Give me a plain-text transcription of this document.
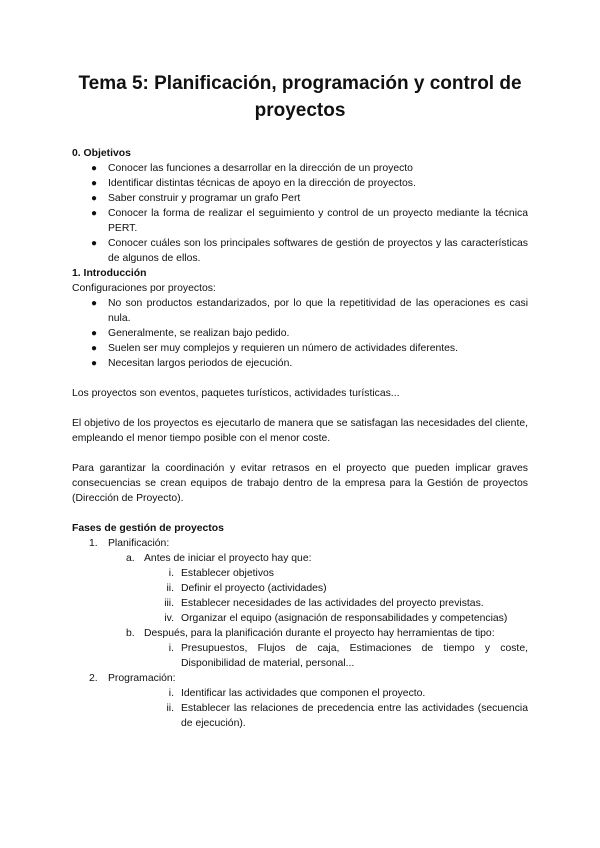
Tema 5: Planificación, programación y control de proyectos
0. Objetivos
● Conocer las funciones a desarrollar en la dirección de un proyecto
● Identificar distintas técnicas de apoyo en la dirección de proyectos.
● Saber construir y programar un grafo Pert
● Conocer la forma de realizar el seguimiento y control de un proyecto mediante la técnica PERT.
● Conocer cuáles son los principales softwares de gestión de proyectos y las características de algunos de ellos.
1. Introducción
Configuraciones por proyectos:
● No son productos estandarizados, por lo que la repetitividad de las operaciones es casi nula.
● Generalmente, se realizan bajo pedido.
● Suelen ser muy complejos y requieren un número de actividades diferentes.
● Necesitan largos periodos de ejecución.
Los proyectos son eventos, paquetes turísticos, actividades turísticas...
El objetivo de los proyectos es ejecutarlo de manera que se satisfagan las necesidades del cliente, empleando el menor tiempo posible con el menor coste.
Para garantizar la coordinación y evitar retrasos en el proyecto que pueden implicar graves consecuencias se crean equipos de trabajo dentro de la empresa para la Gestión de proyectos (Dirección de Proyecto).
Fases de gestión de proyectos
1. Planificación:
a. Antes de iniciar el proyecto hay que:
i. Establecer objetivos
ii. Definir el proyecto (actividades)
iii. Establecer necesidades de las actividades del proyecto previstas.
iv. Organizar el equipo (asignación de responsabilidades y competencias)
b. Después, para la planificación durante el proyecto hay herramientas de tipo:
i. Presupuestos, Flujos de caja, Estimaciones de tiempo y coste, Disponibilidad de material, personal...
2. Programación:
i. Identificar las actividades que componen el proyecto.
ii. Establecer las relaciones de precedencia entre las actividades (secuencia de ejecución).
